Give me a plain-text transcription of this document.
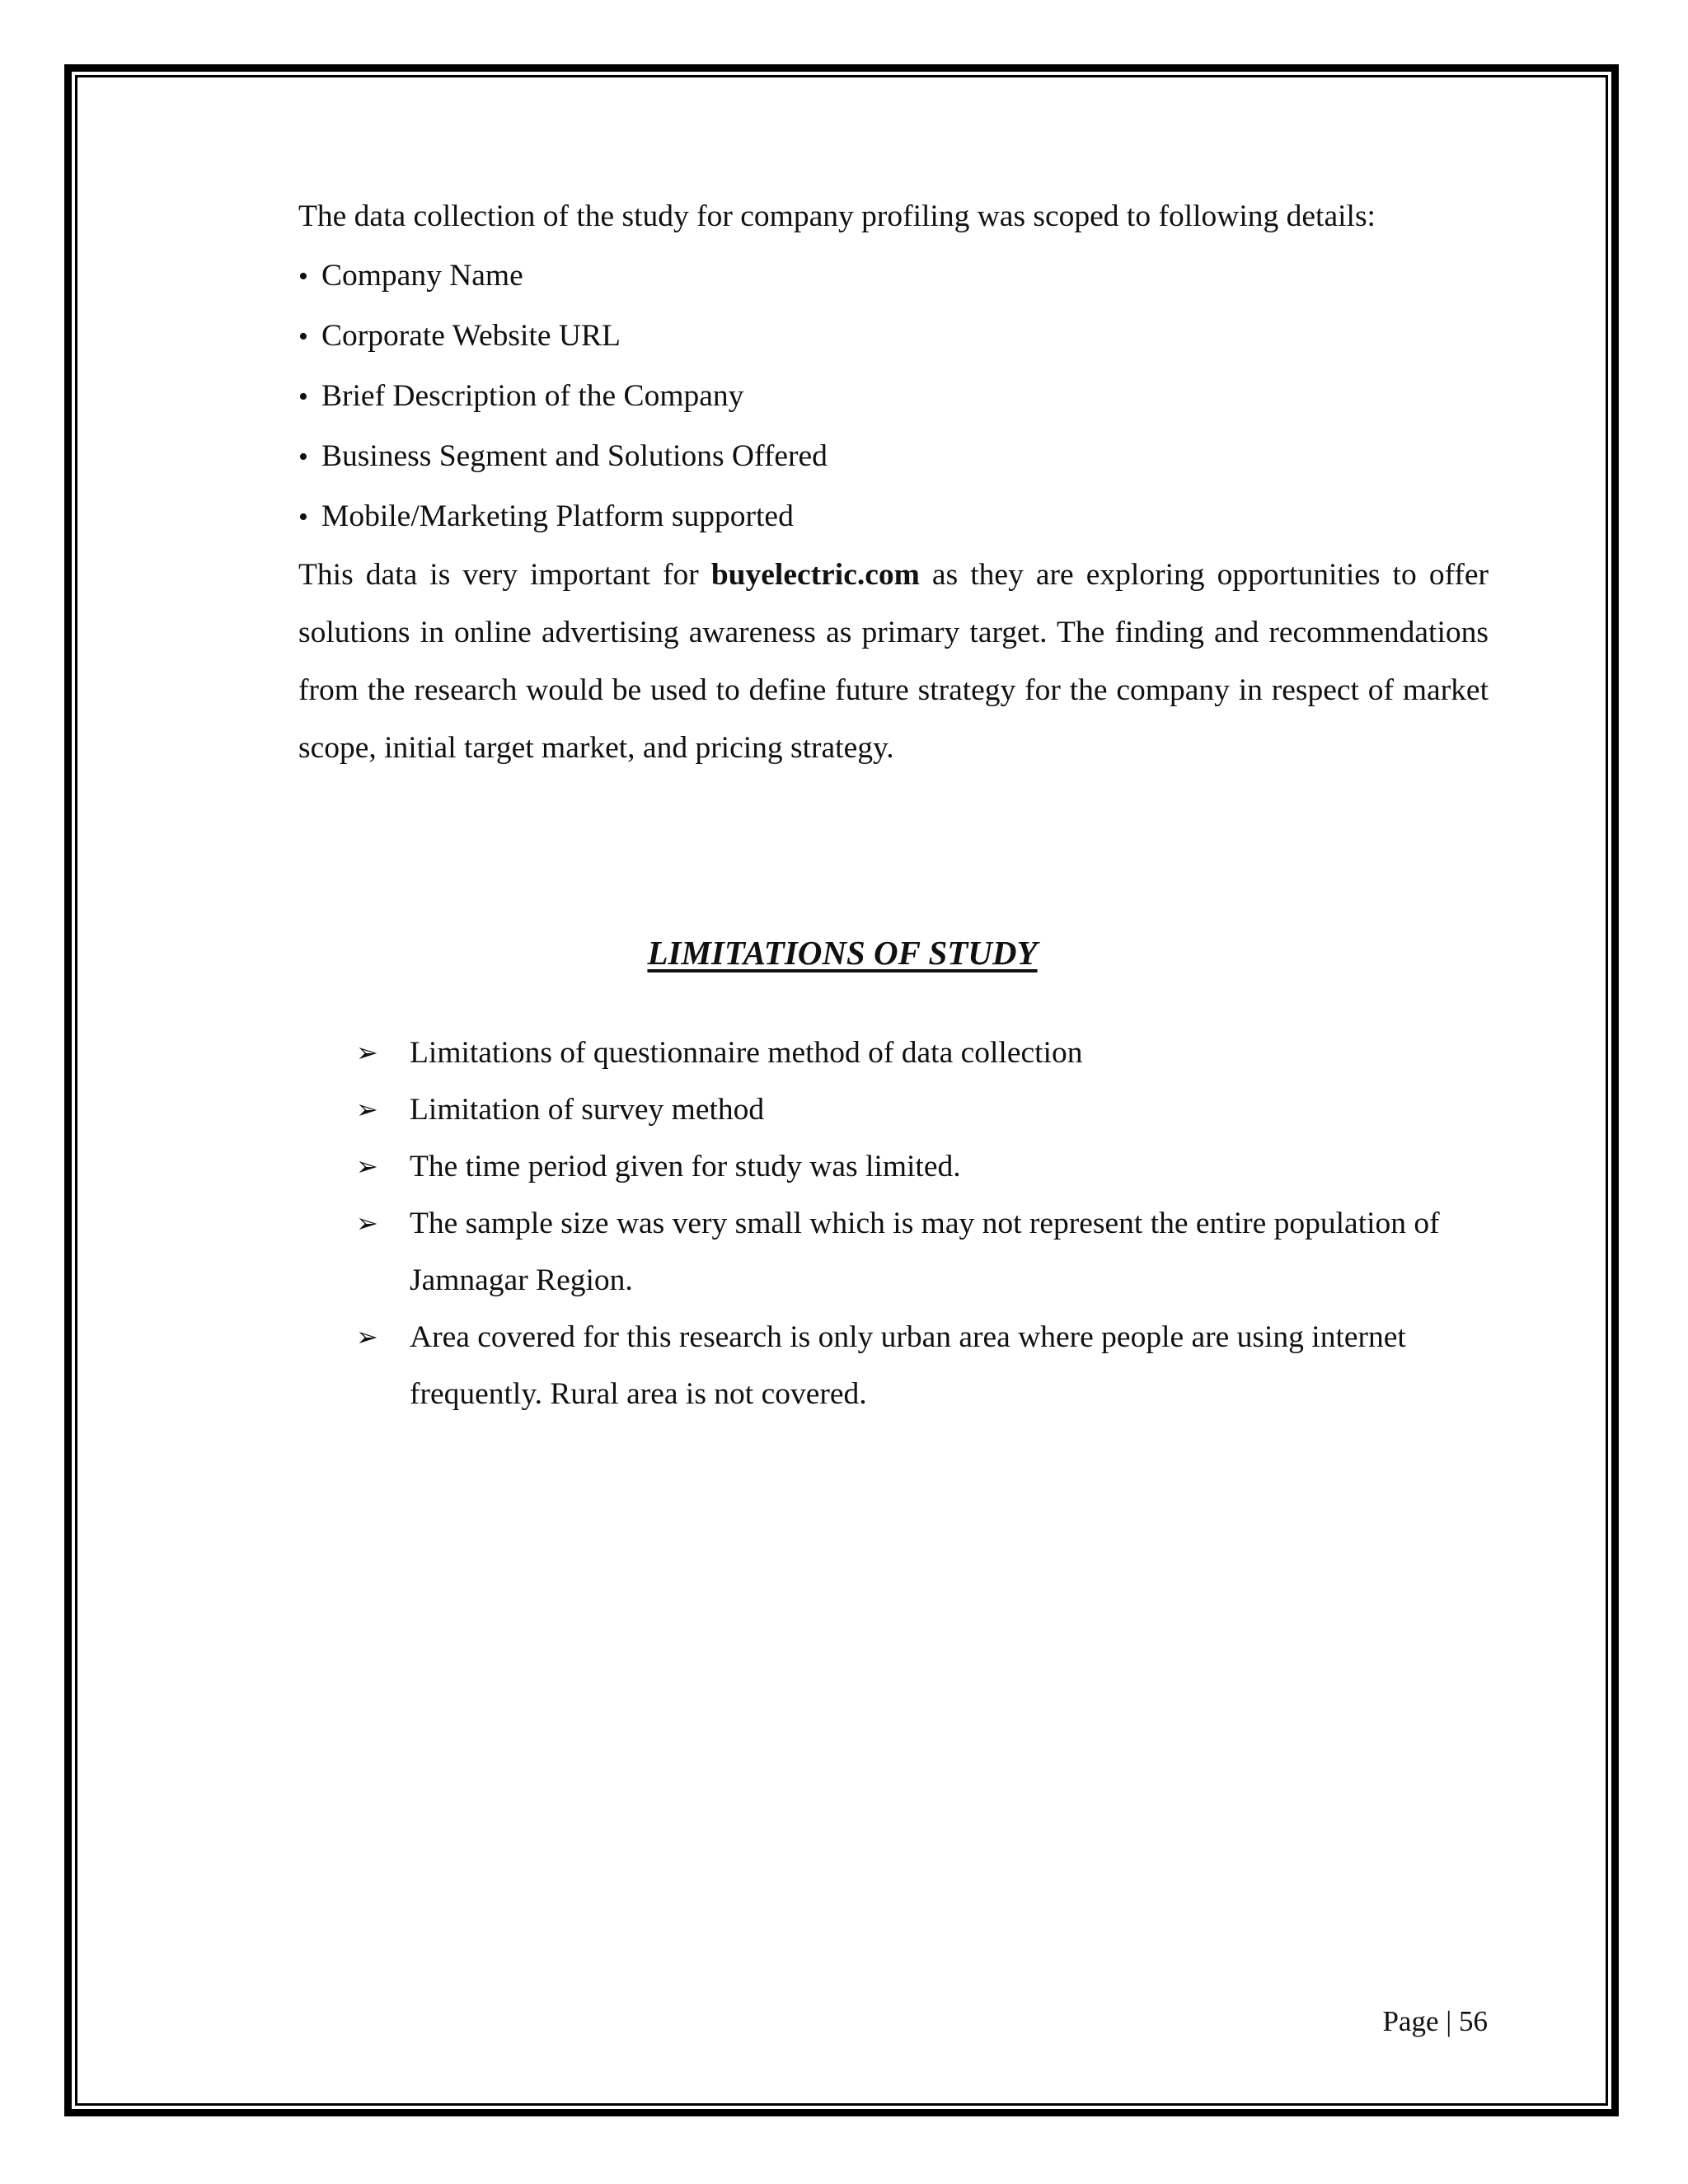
The data collection of the study for company profiling was scoped to following details:

• Company Name
• Corporate Website URL
• Brief Description of the Company
• Business Segment and Solutions Offered
• Mobile/Marketing Platform supported

This data is very important for buyelectric.com as they are exploring opportunities to offer solutions in online advertising awareness as primary target. The finding and recommendations from the research would be used to define future strategy for the company in respect of market scope, initial target market, and pricing strategy.

LIMITATIONS OF STUDY
➢	Limitations of questionnaire method of data collection
➢	Limitation of survey method
➢	The time period given for study was limited.
➢	The sample size was very small which is may not represent the entire population of Jamnagar Region.
➢	Area covered for this research is only urban area where people are using internet frequently. Rural area is not covered.
Page | 56
